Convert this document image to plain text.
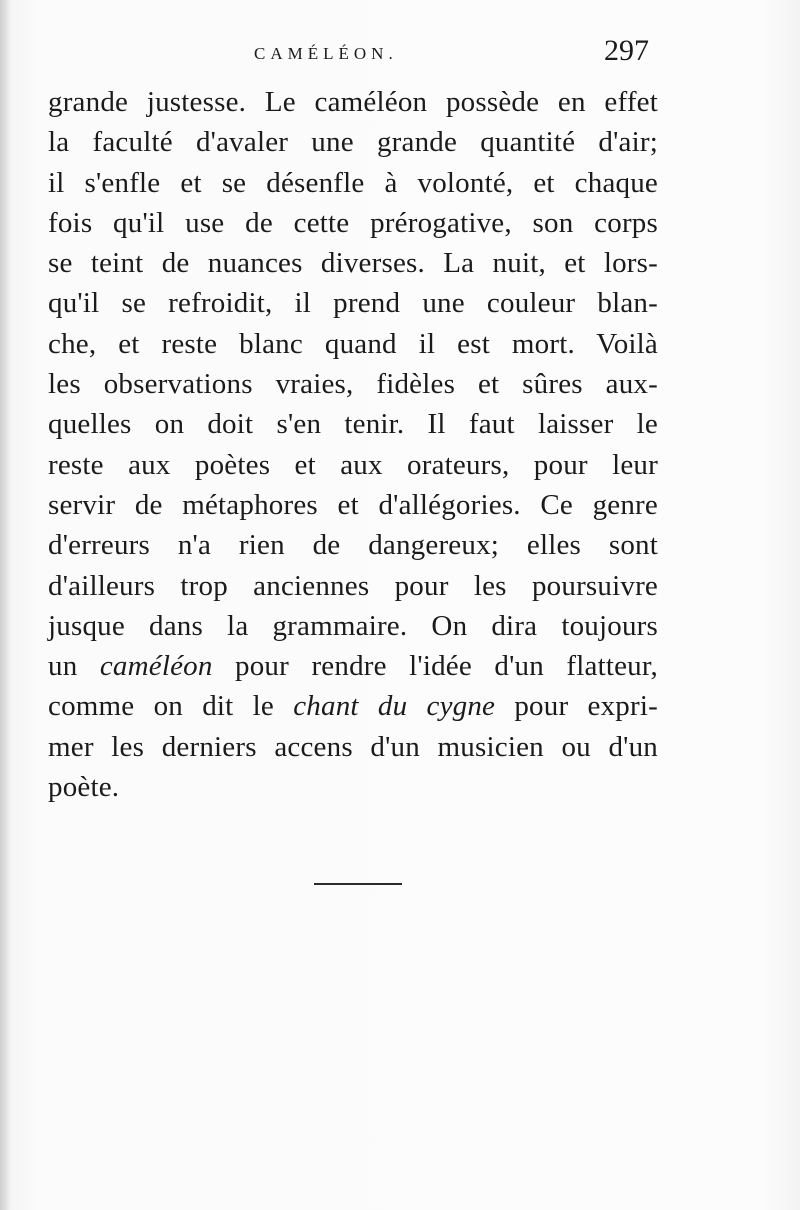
CAMÉLÉON.	297
grande justesse. Le caméléon possède en effet
la faculté d'avaler une grande quantité d'air;
il s'enfle et se désenfle à volonté, et chaque
fois qu'il use de cette prérogative, son corps
se teint de nuances diverses. La nuit, et lors-
qu'il se refroidit, il prend une couleur blan-
che, et reste blanc quand il est mort. Voilà
les observations vraies, fidèles et sûres aux-
quelles on doit s'en tenir. Il faut laisser le
reste aux poètes et aux orateurs, pour leur
servir de métaphores et d'allégories. Ce genre
d'erreurs n'a rien de dangereux; elles sont
d'ailleurs trop anciennes pour les poursuivre
jusque dans la grammaire. On dira toujours
un caméléon pour rendre l'idée d'un flatteur,
comme on dit le chant du cygne pour expri-
mer les derniers accens d'un musicien ou d'un
poète.
